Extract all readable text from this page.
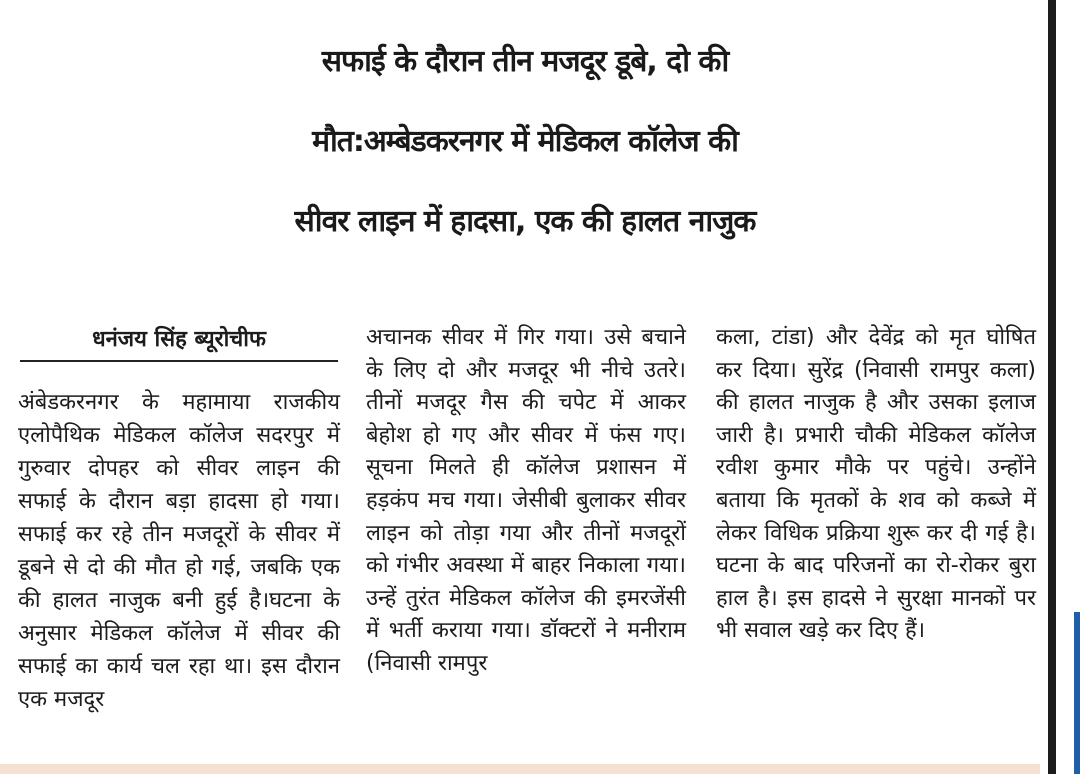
सफाई के दौरान तीन मजदूर डूबे, दो की
मौत:अम्बेडकरनगर में मेडिकल कॉलेज की
सीवर लाइन में हादसा, एक की हालत नाजुक
धनंजय सिंह ब्यूरोचीफ

अंबेडकरनगर के महामाया राजकीय एलोपैथिक मेडिकल कॉलेज सदरपुर में गुरुवार दोपहर को सीवर लाइन की सफाई के दौरान बड़ा हादसा हो गया। सफाई कर रहे तीन मजदूरों के सीवर में डूबने से दो की मौत हो गई, जबकि एक की हालत नाजुक बनी हुई है।घटना के अनुसार मेडिकल कॉलेज में सीवर की सफाई का कार्य चल रहा था। इस दौरान एक मजदूर

अचानक सीवर में गिर गया। उसे बचाने के लिए दो और मजदूर भी नीचे उतरे। तीनों मजदूर गैस की चपेट में आकर बेहोश हो गए और सीवर में फंस गए। सूचना मिलते ही कॉलेज प्रशासन में हड़कंप मच गया। जेसीबी बुलाकर सीवर लाइन को तोड़ा गया और तीनों मजदूरों को गंभीर अवस्था में बाहर निकाला गया। उन्हें तुरंत मेडिकल कॉलेज की इमरजेंसी में भर्ती कराया गया। डॉक्टरों ने मनीराम (निवासी रामपुर

कला, टांडा) और देवेंद्र को मृत घोषित कर दिया। सुरेंद्र (निवासी रामपुर कला) की हालत नाजुक है और उसका इलाज जारी है। प्रभारी चौकी मेडिकल कॉलेज रवीश कुमार मौके पर पहुंचे। उन्होंने बताया कि मृतकों के शव को कब्जे में लेकर विधिक प्रक्रिया शुरू कर दी गई है। घटना के बाद परिजनों का रो-रोकर बुरा हाल है। इस हादसे ने सुरक्षा मानकों पर भी सवाल खड़े कर दिए हैं।
